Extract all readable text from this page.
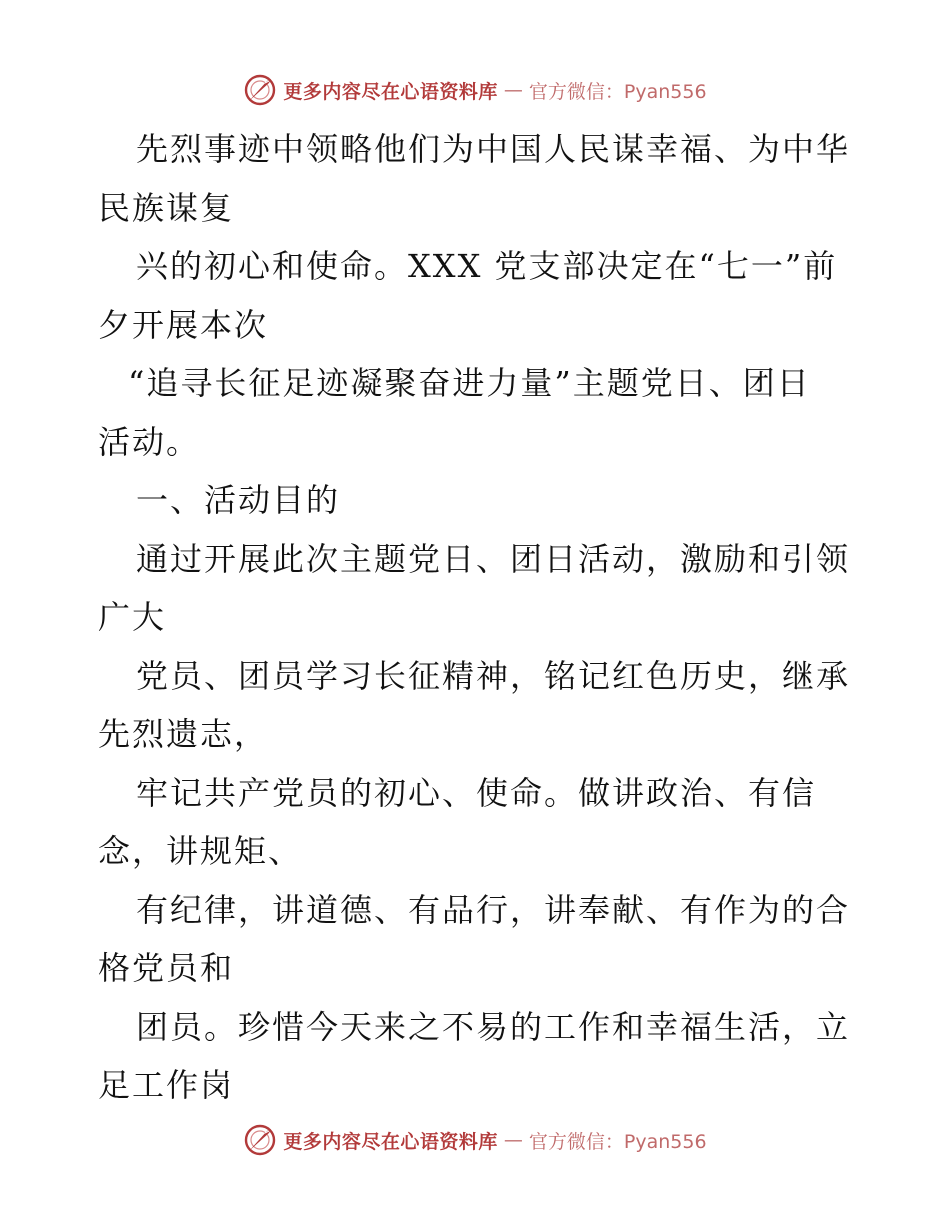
更多内容尽在心语资料库 — 官方微信：Pyan556
先烈事迹中领略他们为中国人民谋幸福、为中华
民族谋复
兴的初心和使命。XXX 党支部决定在“七一”前
夕开展本次
“追寻长征足迹凝聚奋进力量”主题党日、团日
活动。
一、活动目的
通过开展此次主题党日、团日活动，激励和引领
广大
党员、团员学习长征精神，铭记红色历史，继承
先烈遗志，
牢记共产党员的初心、使命。做讲政治、有信
念，讲规矩、
有纪律，讲道德、有品行，讲奉献、有作为的合
格党员和
团员。珍惜今天来之不易的工作和幸福生活，立
足工作岗
更多内容尽在心语资料库 — 官方微信：Pyan556
